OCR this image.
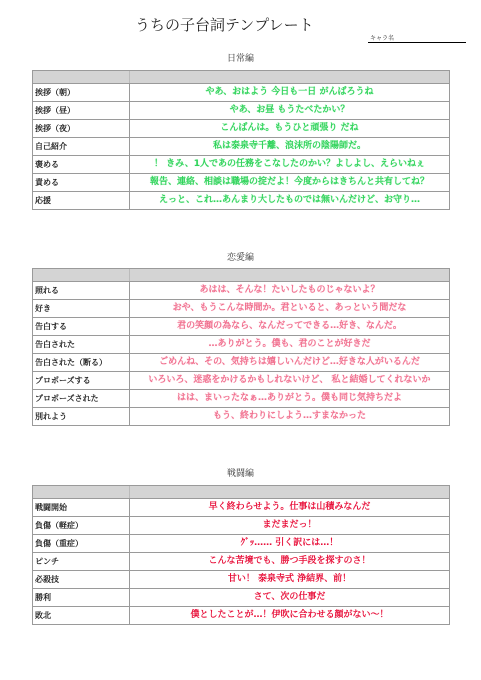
うちの子台詞テンプレート
キャラ名
日常編
挨拶（朝）	やあ、おはよう 今日も一日 がんばろうね
挨拶（昼）	やあ、お昼 もうたべたかい？
挨拶（夜）	こんばんは。もうひと頑張り だね
自己紹介	私は泰泉寺千離、浪沫所の陰陽師だ。
褒める	！ きみ、1人であの任務をこなしたのかい？よしよし、えらいねぇ
責める	報告、連絡、相談は職場の掟だよ！今度からはきちんと共有してね？
応援	えっと、これ…あんまり大したものでは無いんだけど、お守り…
恋愛編
照れる	あはは、そんな！たいしたものじゃないよ？
好き	おや、もうこんな時間か。君といると、あっという間だな
告白する	君の笑顔の為なら、なんだってできる…好き、なんだ。
告白された	…ありがとう。僕も、君のことが好きだ
告白された（断る）	ごめんね、その、気持ちは嬉しいんだけど…好きな人がいるんだ
プロポーズする	いろいろ、迷惑をかけるかもしれないけど、 私と結婚してくれないか
プロポーズされた	はは、まいったなぁ…ありがとう。僕も同じ気持ちだよ
別れよう	もう、終わりにしよう…すまなかった
戦闘編
戦闘開始	早く終わらせよう。仕事は山積みなんだ
負傷（軽症）	まだまだっ！
負傷（重症）	ｸﾞｯ…… 引く訳には…！
ピンチ	こんな苦境でも、勝つ手段を探すのさ！
必殺技	甘い！ 泰泉寺式 浄結界、前！
勝利	さて、次の仕事だ
敗北	僕としたことが…！伊吹に合わせる顔がない～！
